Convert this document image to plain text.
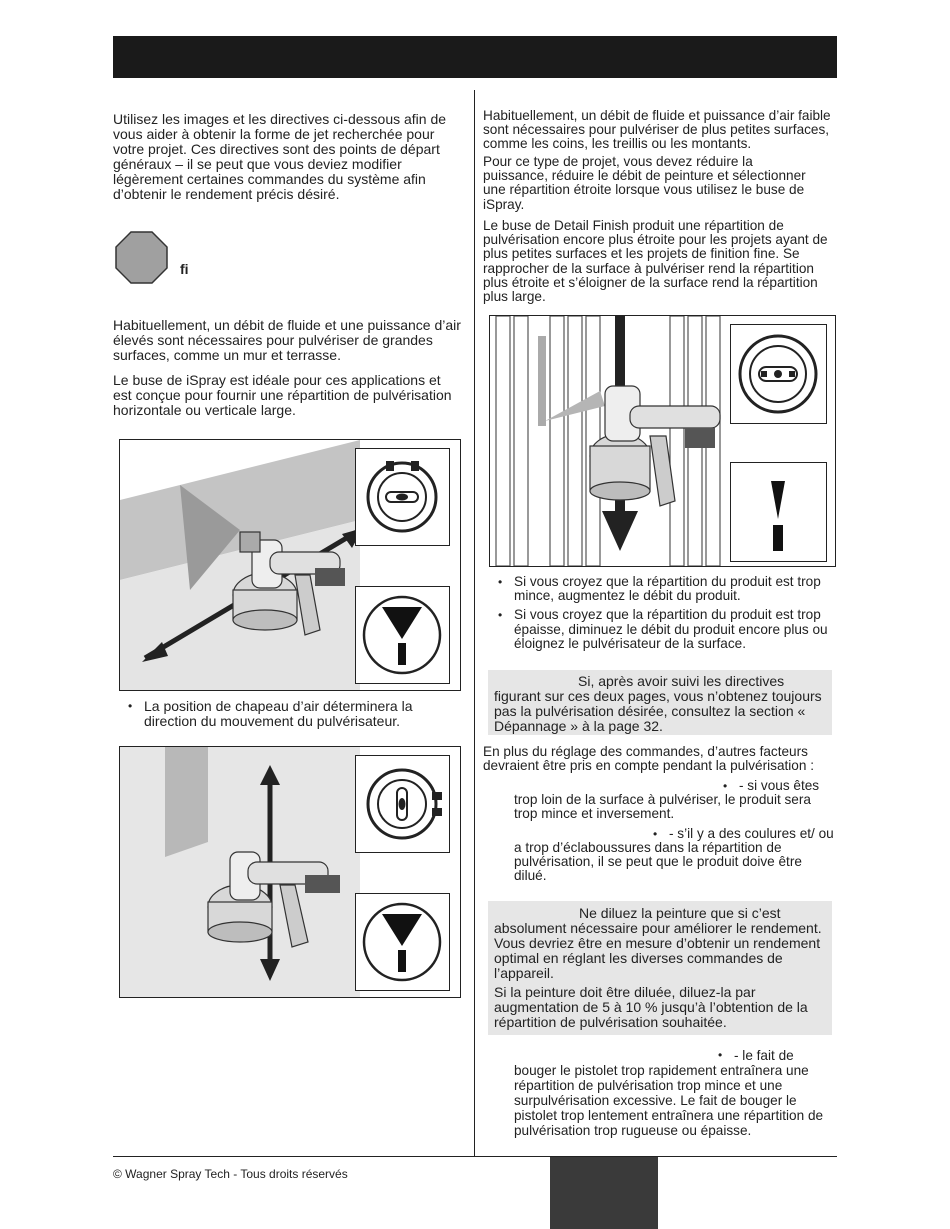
Utilisez les images et les directives ci-dessous afin de vous aider à obtenir la forme de jet recherchée pour votre projet. Ces directives sont des points de départ généraux – il se peut que vous deviez modifier légèrement certaines commandes du système afin d’obtenir le rendement précis désiré.

fi

Habituellement, un débit de fluide et une puissance d’air élevés sont nécessaires pour pulvériser de grandes surfaces, comme un mur et terrasse.

Le buse de iSpray est idéale pour ces applications et est conçue pour fournir une répartition de pulvérisation horizontale ou verticale large.

• La position de chapeau d’air déterminera la direction du mouvement du pulvérisateur.

Habituellement, un débit de fluide et puissance d’air faible sont nécessaires pour pulvériser de plus petites surfaces, comme les coins, les treillis ou les montants.

Pour ce type de projet, vous devez réduire la puissance, réduire le débit de peinture et sélectionner une répartition étroite lorsque vous utilisez le buse de iSpray.

Le buse de Detail Finish produit une répartition de pulvérisation encore plus étroite pour les projets ayant de plus petites surfaces et les projets de finition fine. Se rapprocher de la surface à pulvériser rend la répartition plus étroite et s’éloigner de la surface rend la répartition plus large.

• Si vous croyez que la répartition du produit est trop mince, augmentez le débit du produit.
• Si vous croyez que la répartition du produit est trop épaisse, diminuez le débit du produit encore plus ou éloignez le pulvérisateur de la surface.

Si, après avoir suivi les directives figurant sur ces deux pages, vous n’obtenez toujours pas la pulvérisation désirée, consultez la section « Dépannage » à la page 32.

En plus du réglage des commandes, d’autres facteurs devraient être pris en compte pendant la pulvérisation :

• - si vous êtes trop loin de la surface à pulvériser, le produit sera trop mince et inversement.
• - s’il y a des coulures et/ ou a trop d’éclaboussures dans la répartition de pulvérisation, il se peut que le produit doive être dilué.

Ne diluez la peinture que si c’est absolument nécessaire pour améliorer le rendement. Vous devriez être en mesure d’obtenir un rendement optimal en réglant les diverses commandes de l’appareil.

Si la peinture doit être diluée, diluez-la par augmentation de 5 à 10 % jusqu’à l’obtention de la répartition de pulvérisation souhaitée.

• - le fait de bouger le pistolet trop rapidement entraînera une répartition de pulvérisation trop mince et une surpulvérisation excessive. Le fait de bouger le pistolet trop lentement entraînera une répartition de pulvérisation trop rugueuse ou épaisse.
© Wagner Spray Tech - Tous droits réservés
